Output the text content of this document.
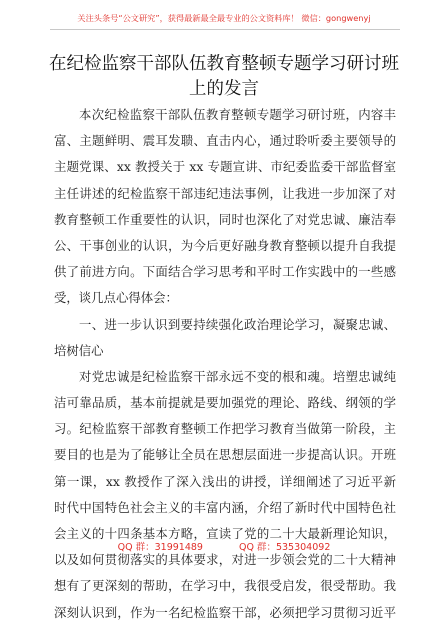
关注头条号“公文研究”，获得最新最全最专业的公文资料库！ 微信：gongwenyj
在纪检监察干部队伍教育整顿专题学习研讨班
上的发言
本次纪检监察干部队伍教育整顿专题学习研讨班，内容丰
富、主题鲜明、震耳发聩、直击内心，通过聆听委主要领导的
主题党课、xx 教授关于 xx 专题宣讲、市纪委监委干部监督室
主任讲述的纪检监察干部违纪违法事例，让我进一步加深了对
教育整顿工作重要性的认识，同时也深化了对党忠诚、廉洁奉
公、干事创业的认识，为今后更好融身教育整顿以提升自我提
供了前进方向。下面结合学习思考和平时工作实践中的一些感
受，谈几点心得体会：
一、进一步认识到要持续强化政治理论学习，凝聚忠诚、
培树信心
对党忠诚是纪检监察干部永远不变的根和魂。培塑忠诚纯
洁可靠品质，基本前提就是要加强党的理论、路线、纲领的学
习。纪检监察干部教育整顿工作把学习教育当做第一阶段，主
要目的也是为了能够让全员在思想层面进一步提高认识。开班
第一课，xx 教授作了深入浅出的讲授，详细阐述了习近平新
时代中国特色社会主义的丰富内涵，介绍了新时代中国特色社
会主义的十四条基本方略，宣读了党的二十大最新理论知识，
以及如何贯彻落实的具体要求，对进一步领会党的二十大精神
想有了更深刻的帮助，在学习中，我很受启发，很受帮助。我
深刻认识到，作为一名纪检监察干部，必须把学习贯彻习近平
QQ 群：31991489	QQ 群：535304092
